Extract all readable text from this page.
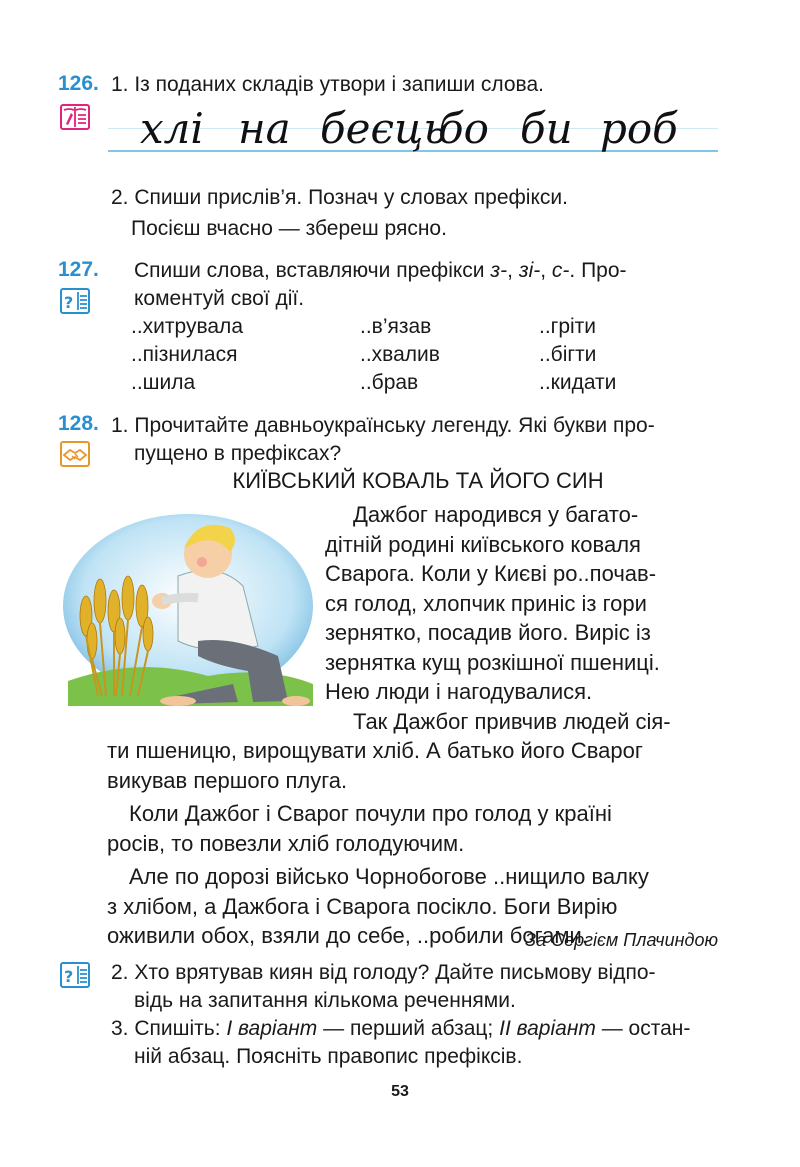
126. 1. Із поданих складів утвори і запиши слова.
хлі на беєць
бо би роб
2. Спиши прислів’я. Познач у словах префікси.
Посієш вчасно — збереш рясно.
127.
?
Спиши слова, вставляючи префікси з-, зі-, с-. Про-
коментуй свої дії.
..хитрувала
..пізнилася
..шила
..в’язав
..хвалив
..брав
..гріти
..бігти
..кидати
128. 1. Прочитайте давньоукраїнську легенду. Які букви про-
пущено в префіксах?
КИЇВСЬКИЙ КОВАЛЬ ТА ЙОГО СИН

Дажбог народився у багато-

дітній родині київського коваля

Сварога. Коли у Києві ро..почав-

ся голод, хлопчик приніс із гори

зернятко, посадив його. Виріс із

зернятка кущ розкішної пшениці.

Нею люди і нагодувалися.

Так Дажбог привчив людей сія-

ти пшеницю, вирощувати хліб. А батько його Сварог

викував першого плуга.

Коли Дажбог і Сварог почули про голод у країні

росів, то повезли хліб голодуючим.

Але по дорозі військо Чорнобогове ..нищило валку

з хлібом, а Дажбога і Сварога посікло. Боги Вирію

оживили обох, взяли до себе, ..робили богами.

За Сергієм Плачиндою
? 2. Хто врятував киян від голоду? Дайте письмову відпо-
відь на запитання кількома реченнями.
3. Спишіть: І варіант — перший абзац; ІІ варіант — остан-
ній абзац. Поясніть правопис префіксів.
53
